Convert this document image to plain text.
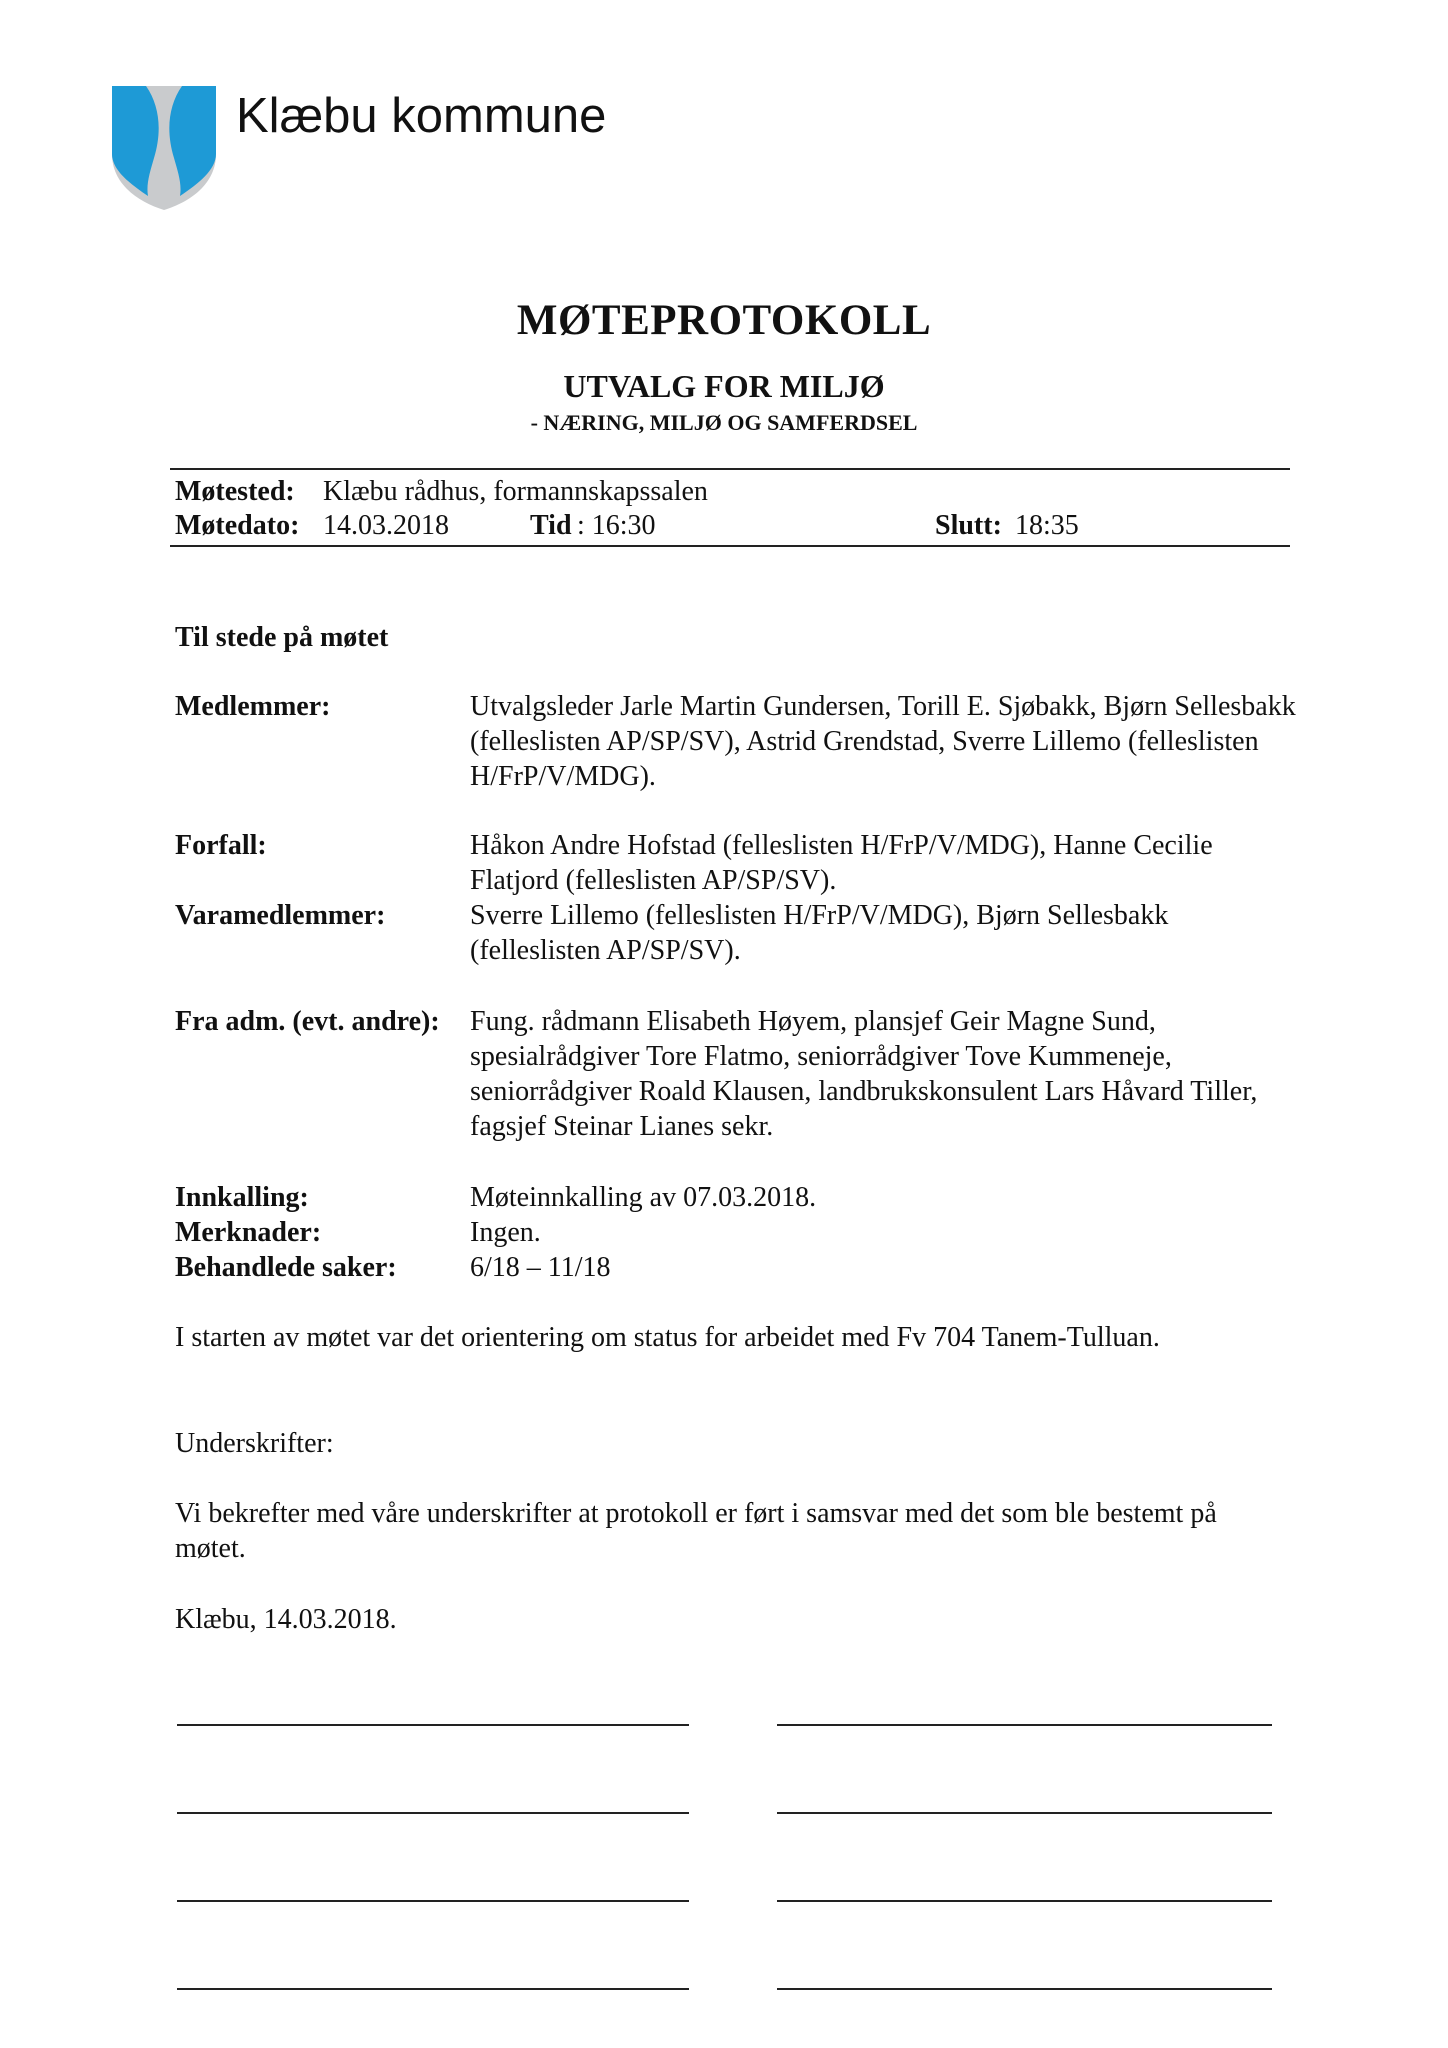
Klæbu kommune
MØTEPROTOKOLL
UTVALG FOR MILJØ
- NÆRING, MILJØ OG SAMFERDSEL
Møtested: Klæbu rådhus, formannskapssalen
Møtedato: 14.03.2018	Tid : 16:30	Slutt: 18:35
Til stede på møtet
Medlemmer:	Utvalgsleder Jarle Martin Gundersen, Torill E. Sjøbakk, Bjørn Sellesbakk (felleslisten AP/SP/SV), Astrid Grendstad, Sverre Lillemo (felleslisten H/FrP/V/MDG).
Forfall:	Håkon Andre Hofstad (felleslisten H/FrP/V/MDG), Hanne Cecilie Flatjord (felleslisten AP/SP/SV).
Varamedlemmer:	Sverre Lillemo (felleslisten H/FrP/V/MDG), Bjørn Sellesbakk (felleslisten AP/SP/SV).
Fra adm. (evt. andre): Fung. rådmann Elisabeth Høyem, plansjef Geir Magne Sund, spesialrådgiver Tore Flatmo, seniorrådgiver Tove Kummeneje, seniorrådgiver Roald Klausen, landbrukskonsulent Lars Håvard Tiller, fagsjef Steinar Lianes sekr.
Innkalling:	Møteinnkalling av 07.03.2018.
Merknader:	Ingen.
Behandlede saker:	6/18 – 11/18
I starten av møtet var det orientering om status for arbeidet med Fv 704 Tanem-Tulluan.
Underskrifter:
Vi bekrefter med våre underskrifter at protokoll er ført i samsvar med det som ble bestemt på møtet.
Klæbu, 14.03.2018.
